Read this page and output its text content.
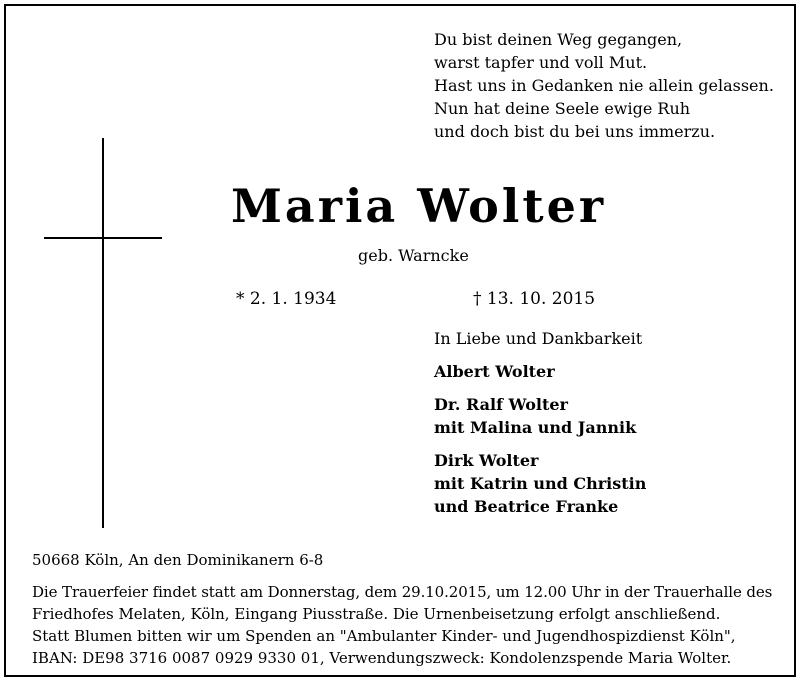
Du bist deinen Weg gegangen,
warst tapfer und voll Mut.
Hast uns in Gedanken nie allein gelassen.
Nun hat deine Seele ewige Ruh
und doch bist du bei uns immerzu.
Maria Wolter
geb. Warncke
* 2. 1. 1934	† 13. 10. 2015
In Liebe und Dankbarkeit
Albert Wolter
Dr. Ralf Wolter
mit Malina und Jannik
Dirk Wolter
mit Katrin und Christin
und Beatrice Franke
50668 Köln, An den Dominikanern 6-8
Die Trauerfeier findet statt am Donnerstag, dem 29.10.2015, um 12.00 Uhr in der Trauerhalle des
Friedhofes Melaten, Köln, Eingang Piusstraße. Die Urnenbeisetzung erfolgt anschließend.
Statt Blumen bitten wir um Spenden an "Ambulanter Kinder- und Jugendhospizdienst Köln",
IBAN: DE98 3716 0087 0929 9330 01, Verwendungszweck: Kondolenzspende Maria Wolter.
